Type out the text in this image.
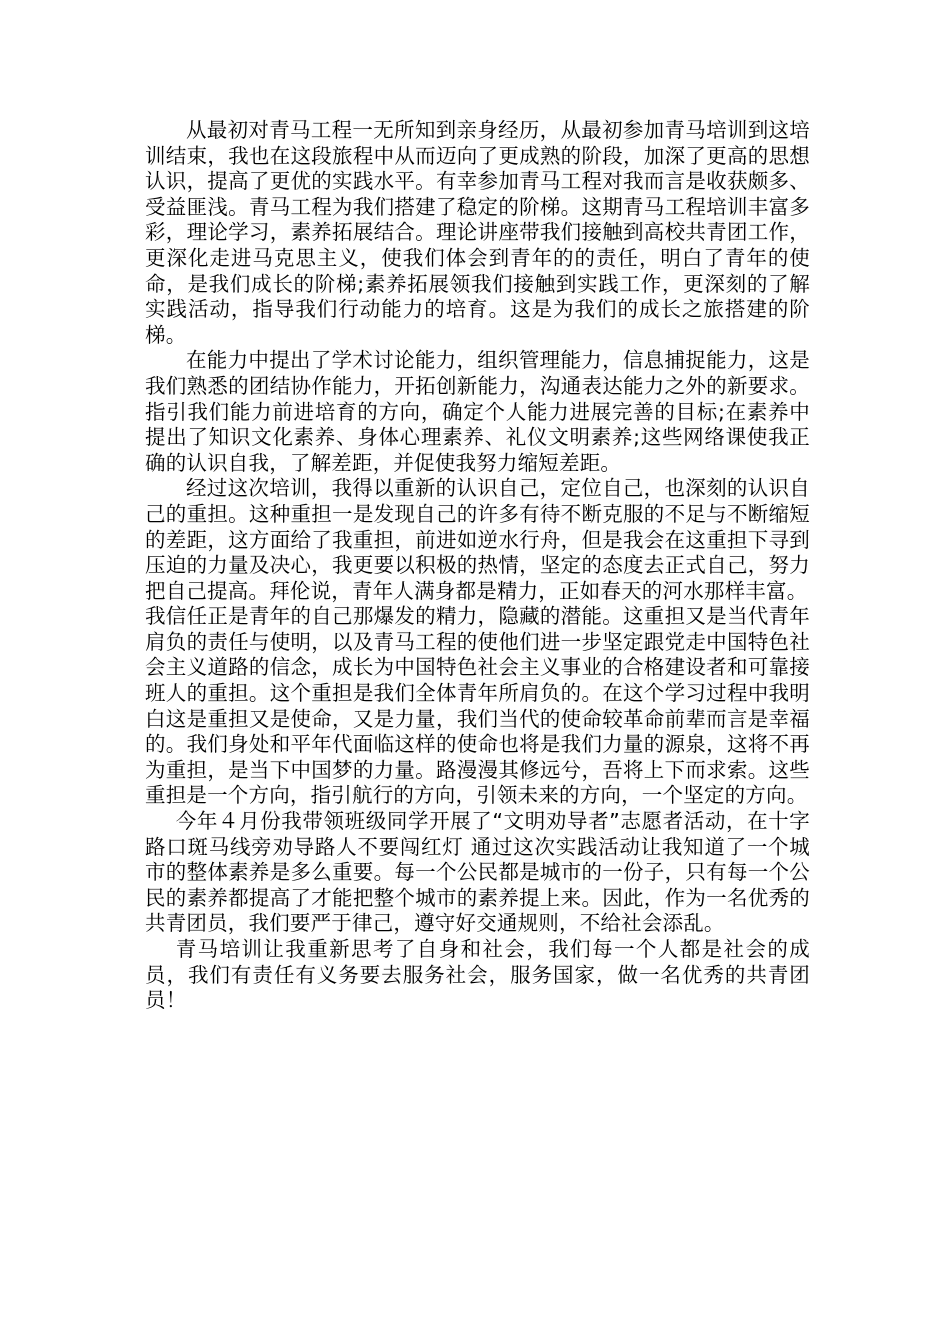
从最初对青马工程一无所知到亲身经历，从最初参加青马培训到这培训结束，我也在这段旅程中从而迈向了更成熟的阶段，加深了更高的思想认识，提高了更优的实践水平。有幸参加青马工程对我而言是收获颇多、受益匪浅。青马工程为我们搭建了稳定的阶梯。这期青马工程培训丰富多彩，理论学习，素养拓展结合。理论讲座带我们接触到高校共青团工作，更深化走进马克思主义，使我们体会到青年的的责任，明白了青年的使命，是我们成长的阶梯;素养拓展领我们接触到实践工作，更深刻的了解实践活动，指导我们行动能力的培育。这是为我们的成长之旅搭建的阶梯。

在能力中提出了学术讨论能力，组织管理能力，信息捕捉能力，这是我们熟悉的团结协作能力，开拓创新能力，沟通表达能力之外的新要求。指引我们能力前进培育的方向，确定个人能力进展完善的目标;在素养中提出了知识文化素养、身体心理素养、礼仪文明素养;这些网络课使我正确的认识自我，了解差距，并促使我努力缩短差距。

经过这次培训，我得以重新的认识自己，定位自己，也深刻的认识自己的重担。这种重担一是发现自己的许多有待不断克服的不足与不断缩短的差距，这方面给了我重担，前进如逆水行舟，但是我会在这重担下寻到压迫的力量及决心，我更要以积极的热情，坚定的态度去正式自己，努力把自己提高。拜伦说，青年人满身都是精力，正如春天的河水那样丰富。

我信任正是青年的自己那爆发的精力，隐藏的潜能。这重担又是当代青年肩负的责任与使明，以及青马工程的使他们进一步坚定跟党走中国特色社会主义道路的信念，成长为中国特色社会主义事业的合格建设者和可靠接班人的重担。这个重担是我们全体青年所肩负的。在这个学习过程中我明白这是重担又是使命，又是力量，我们当代的使命较革命前辈而言是幸福的。我们身处和平年代面临这样的使命也将是我们力量的源泉，这将不再为重担，是当下中国梦的力量。路漫漫其修远兮，吾将上下而求索。这些重担是一个方向，指引航行的方向，引领未来的方向，一个坚定的方向。

今年４月份我带领班级同学开展了“文明劝导者”志愿者活动，在十字路口斑马线旁劝导路人不要闯红灯 通过这次实践活动让我知道了一个城市的整体素养是多么重要。每一个公民都是城市的一份子，只有每一个公民的素养都提高了才能把整个城市的素养提上来。因此，作为一名优秀的共青团员，我们要严于律己，遵守好交通规则，不给社会添乱。

青马培训让我重新思考了自身和社会，我们每一个人都是社会的成员，我们有责任有义务要去服务社会，服务国家，做一名优秀的共青团员！
